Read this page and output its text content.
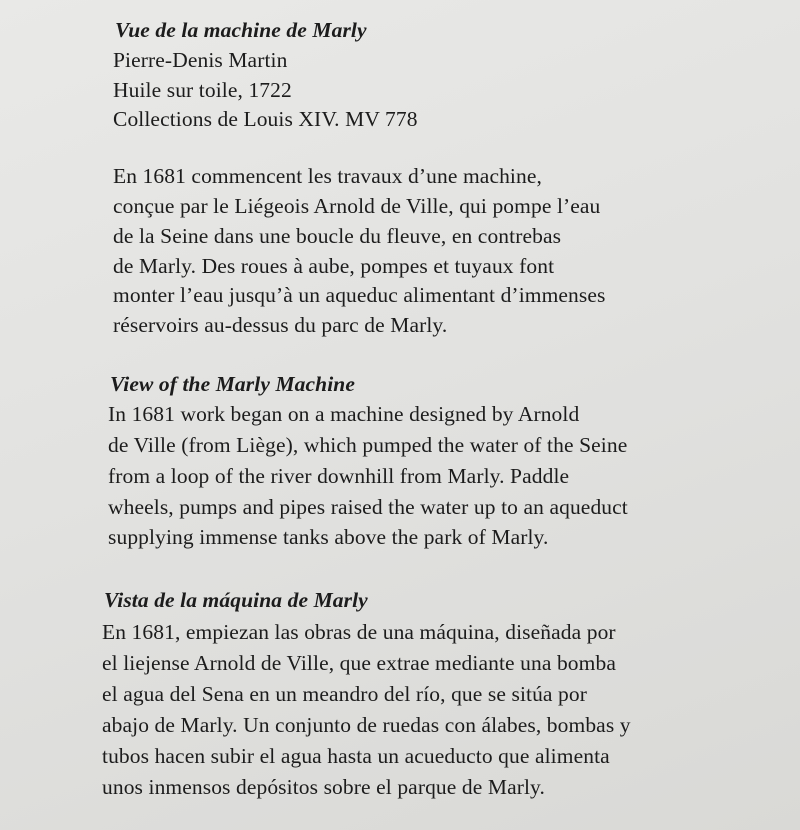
Vue de la machine de Marly
Pierre-Denis Martin
Huile sur toile, 1722
Collections de Louis XIV. MV 778
En 1681 commencent les travaux d’une machine,
conçue par le Liégeois Arnold de Ville, qui pompe l’eau
de la Seine dans une boucle du fleuve, en contrebas
de Marly. Des roues à aube, pompes et tuyaux font
monter l’eau jusqu’à un aqueduc alimentant d’immenses
réservoirs au-dessus du parc de Marly.
View of the Marly Machine
In 1681 work began on a machine designed by Arnold
de Ville (from Liège), which pumped the water of the Seine
from a loop of the river downhill from Marly. Paddle
wheels, pumps and pipes raised the water up to an aqueduct
supplying immense tanks above the park of Marly.
Vista de la máquina de Marly
En 1681, empiezan las obras de una máquina, diseñada por
el liejense Arnold de Ville, que extrae mediante una bomba
el agua del Sena en un meandro del río, que se sitúa por
abajo de Marly. Un conjunto de ruedas con álabes, bombas y
tubos hacen subir el agua hasta un acueducto que alimenta
unos inmensos depósitos sobre el parque de Marly.
